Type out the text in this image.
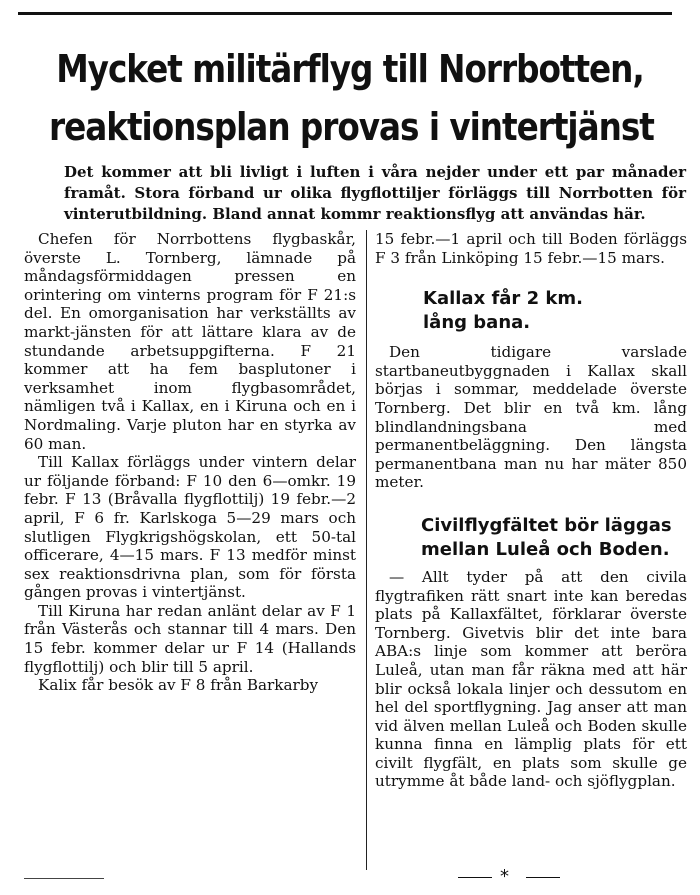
Mycket militärflyg till Norrbotten,
reaktionsplan provas i vintertjänst

Det kommer att bli livligt i luften i våra nejder under ett par månader framåt. Stora förband ur olika flygflottiljer förläggs till Norrbotten för vinterutbildning. Bland annat kommr reaktionsflyg att användas här.

Chefen för Norrbottens flygbaskår, överste L. Tornberg, lämnade på måndagsförmiddagen pressen en orintering om vinterns program för F 21:s del. En omorganisation har verkställts av markt-jänsten för att lättare klara av de stundande arbetsuppgifterna. F 21 kommer att ha fem basplutoner i verksamhet inom flygbasområdet, nämligen två i Kallax, en i Kiruna och en i Nordmaling. Varje pluton har en styrka av 60 man.

Till Kallax förläggs under vintern delar ur följande förband: F 10 den 6—omkr. 19 febr. F 13 (Bråvalla flygflottilj) 19 febr.—2 april, F 6 fr. Karlskoga 5—29 mars och slutligen Flygkrigshögskolan, ett 50-tal officerare, 4—15 mars. F 13 medför minst sex reaktionsdrivna plan, som för första gången provas i vintertjänst.

Till Kiruna har redan anlänt delar av F 1 från Västerås och stannar till 4 mars. Den 15 febr. kommer delar ur F 14 (Hallands flygflottilj) och blir till 5 april.

Kalix får besök av F 8 från Barkarby

15 febr.—1 april och till Boden förläggs F 3 från Linköping 15 febr.—15 mars.

Kallax får 2 km.
lång bana.

Den tidigare varslade startbaneutbyggnaden i Kallax skall börjas i sommar, meddelade överste Tornberg. Det blir en två km. lång blindlandningsbana med permanentbeläggning. Den längsta permanentbana man nu har mäter 850 meter.

Civilflygfältet bör läggas
mellan Luleå och Boden.

— Allt tyder på att den civila flygtrafiken rätt snart inte kan beredas plats på Kallaxfältet, förklarar överste Tornberg. Givetvis blir det inte bara ABA:s linje som kommer att beröra Luleå, utan man får räkna med att här blir också lokala linjer och dessutom en hel del sportflygning. Jag anser att man vid älven mellan Luleå och Boden skulle kunna finna en lämplig plats för ett civilt flygfält, en plats som skulle ge utrymme åt både land- och sjöflygplan.

*
